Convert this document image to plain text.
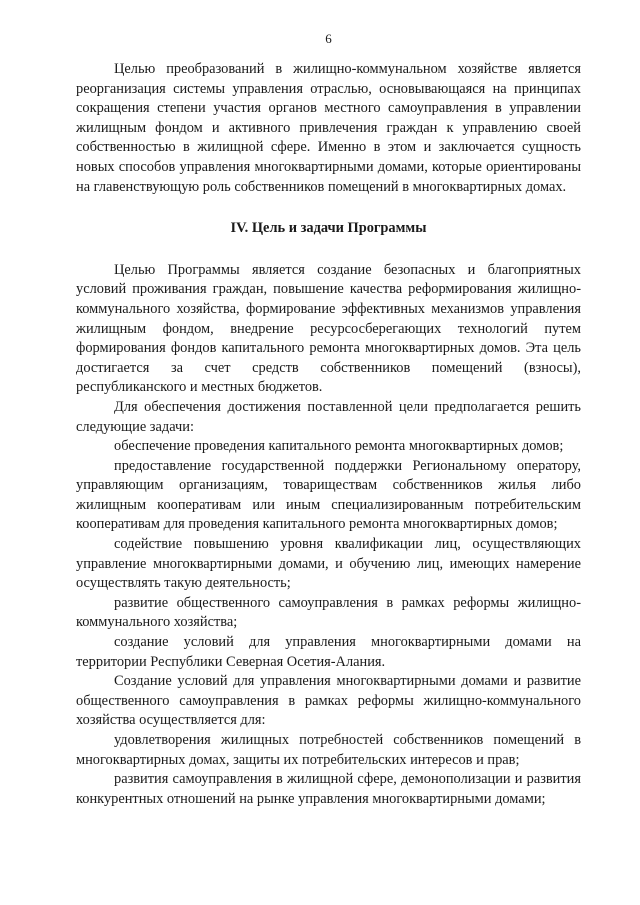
6

Целью преобразований в жилищно-коммунальном хозяйстве является реорганизация системы управления отраслью, основывающаяся на принципах сокращения степени участия органов местного самоуправления в управлении жилищным фондом и активного привлечения граждан к управлению своей собственностью в жилищной сфере. Именно в этом и заключается сущность новых способов управления многоквартирными домами, которые ориентированы на главенствующую роль собственников помещений в многоквартирных домах.

IV. Цель и задачи Программы

Целью Программы является создание безопасных и благоприятных условий проживания граждан, повышение качества реформирования жилищно-коммунального хозяйства, формирование эффективных механизмов управления жилищным фондом, внедрение ресурсосберегающих технологий путем формирования фондов капитального ремонта многоквартирных домов. Эта цель достигается за счет средств собственников помещений (взносы), республиканского и местных бюджетов.

Для обеспечения достижения поставленной цели предполагается решить следующие задачи:

обеспечение проведения капитального ремонта многоквартирных домов;

предоставление государственной поддержки Региональному оператору, управляющим организациям, товариществам собственников жилья либо жилищным кооперативам или иным специализированным потребительским кооперативам для проведения капитального ремонта многоквартирных домов;

содействие повышению уровня квалификации лиц, осуществляющих управление многоквартирными домами, и обучению лиц, имеющих намерение осуществлять такую деятельность;

развитие общественного самоуправления в рамках реформы жилищно-коммунального хозяйства;

создание условий для управления многоквартирными домами на территории Республики Северная Осетия-Алания.

Создание условий для управления многоквартирными домами и развитие общественного самоуправления в рамках реформы жилищно-коммунального хозяйства осуществляется для:

удовлетворения жилищных потребностей собственников помещений в многоквартирных домах, защиты их потребительских интересов и прав;

развития самоуправления в жилищной сфере, демонополизации и развития конкурентных отношений на рынке управления многоквартирными домами;
